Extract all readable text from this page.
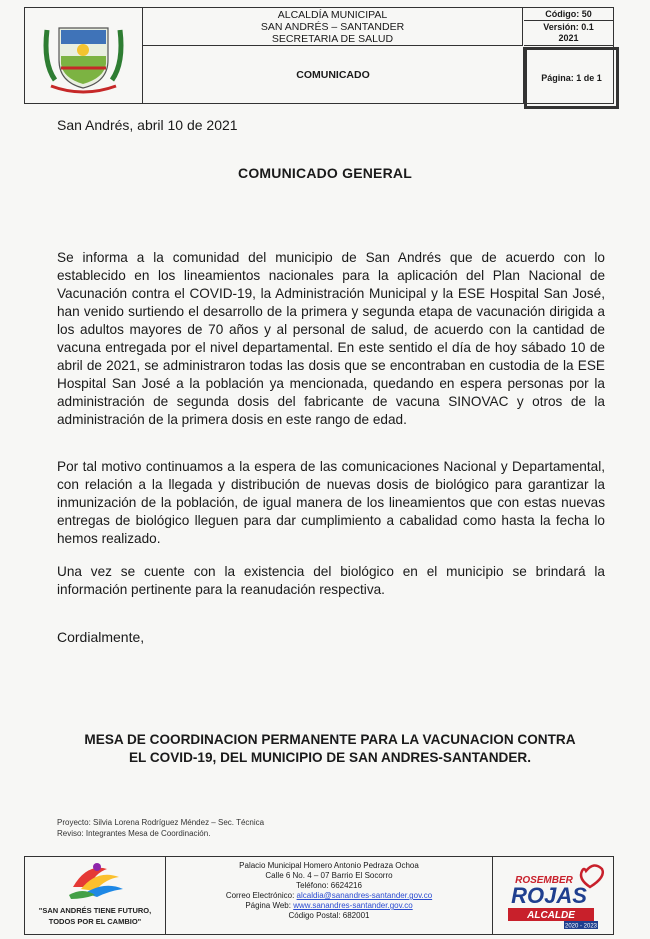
ALCALDÍA MUNICIPAL
SAN ANDRÉS – SANTANDER
SECRETARIA DE SALUD
COMUNICADO
Código: 50
Versión: 0.1
2021
Página: 1 de 1
San Andrés, abril 10 de 2021
COMUNICADO GENERAL
Se informa a la comunidad del municipio de San Andrés que de acuerdo con lo establecido en los lineamientos nacionales para la aplicación del Plan Nacional de Vacunación contra el COVID-19, la Administración Municipal y la ESE Hospital San José, han venido surtiendo el desarrollo de la primera y segunda etapa de vacunación dirigida a los adultos mayores de 70 años y al personal de salud, de acuerdo con la cantidad de vacuna entregada por el nivel departamental. En este sentido el día de hoy sábado 10 de abril de 2021, se administraron todas las dosis que se encontraban en custodia de la ESE Hospital San José a la población ya mencionada, quedando en espera personas por la administración de segunda dosis del fabricante de vacuna SINOVAC y otros de la administración de la primera dosis en este rango de edad.
Por tal motivo continuamos a la espera de las comunicaciones Nacional y Departamental, con relación a la llegada y distribución de nuevas dosis de biológico para garantizar la inmunización de la población, de igual manera de los lineamientos que con estas nuevas entregas de biológico lleguen para dar cumplimiento a cabalidad como hasta la fecha lo hemos realizado.
Una vez se cuente con la existencia del biológico en el municipio se brindará la información pertinente para la reanudación respectiva.
Cordialmente,
MESA DE COORDINACION PERMANENTE PARA LA VACUNACION CONTRA
EL COVID-19, DEL MUNICIPIO DE SAN ANDRES-SANTANDER.
Proyecto: Silvia Lorena Rodríguez Méndez – Sec. Técnica
Reviso: Integrantes Mesa de Coordinación.
"SAN ANDRÉS TIENE FUTURO,
TODOS POR EL CAMBIO"
Palacio Municipal Homero Antonio Pedraza Ochoa
Calle 6 No. 4 – 07 Barrio El Socorro
Teléfono: 6624216
Correo Electrónico: alcaldia@sanandres-santander.gov.co
Página Web: www.sanandres-santander.gov.co
Código Postal: 682001
ROSEMBER
ROJAS
ALCALDE
2020 - 2023
